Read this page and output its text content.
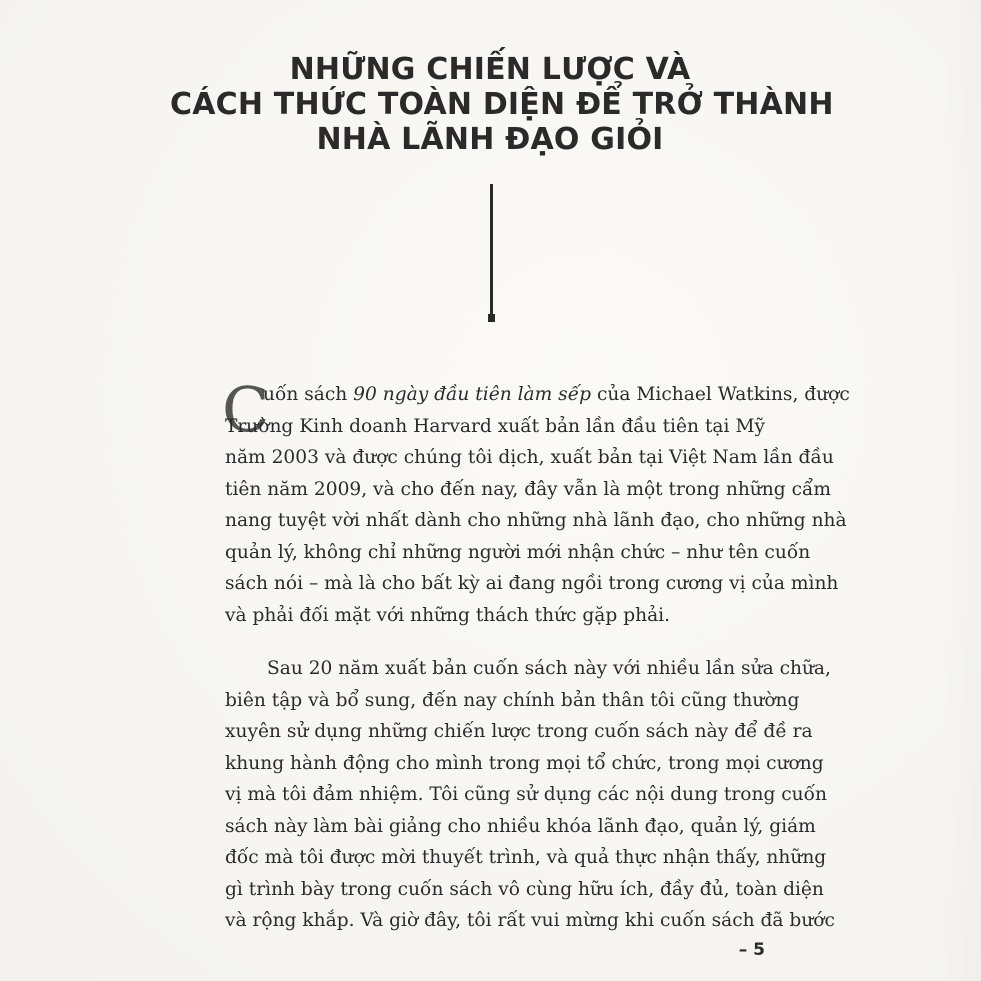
NHỮNG CHIẾN LƯỢC VÀ
CÁCH THỨC TOÀN DIỆN ĐỂ TRỞ THÀNH
NHÀ LÃNH ĐẠO GIỎI
C
uốn sách 90 ngày đầu tiên làm sếp của Michael Watkins, được
Trường Kinh doanh Harvard xuất bản lần đầu tiên tại Mỹ
năm 2003 và được chúng tôi dịch, xuất bản tại Việt Nam lần đầu
tiên năm 2009, và cho đến nay, đây vẫn là một trong những cẩm
nang tuyệt vời nhất dành cho những nhà lãnh đạo, cho những nhà
quản lý, không chỉ những người mới nhận chức – như tên cuốn
sách nói – mà là cho bất kỳ ai đang ngồi trong cương vị của mình
và phải đối mặt với những thách thức gặp phải.
Sau 20 năm xuất bản cuốn sách này với nhiều lần sửa chữa,
biên tập và bổ sung, đến nay chính bản thân tôi cũng thường
xuyên sử dụng những chiến lược trong cuốn sách này để đề ra
khung hành động cho mình trong mọi tổ chức, trong mọi cương
vị mà tôi đảm nhiệm. Tôi cũng sử dụng các nội dung trong cuốn
sách này làm bài giảng cho nhiều khóa lãnh đạo, quản lý, giám
đốc mà tôi được mời thuyết trình, và quả thực nhận thấy, những
gì trình bày trong cuốn sách vô cùng hữu ích, đầy đủ, toàn diện
và rộng khắp. Và giờ đây, tôi rất vui mừng khi cuốn sách đã bước
– 5
